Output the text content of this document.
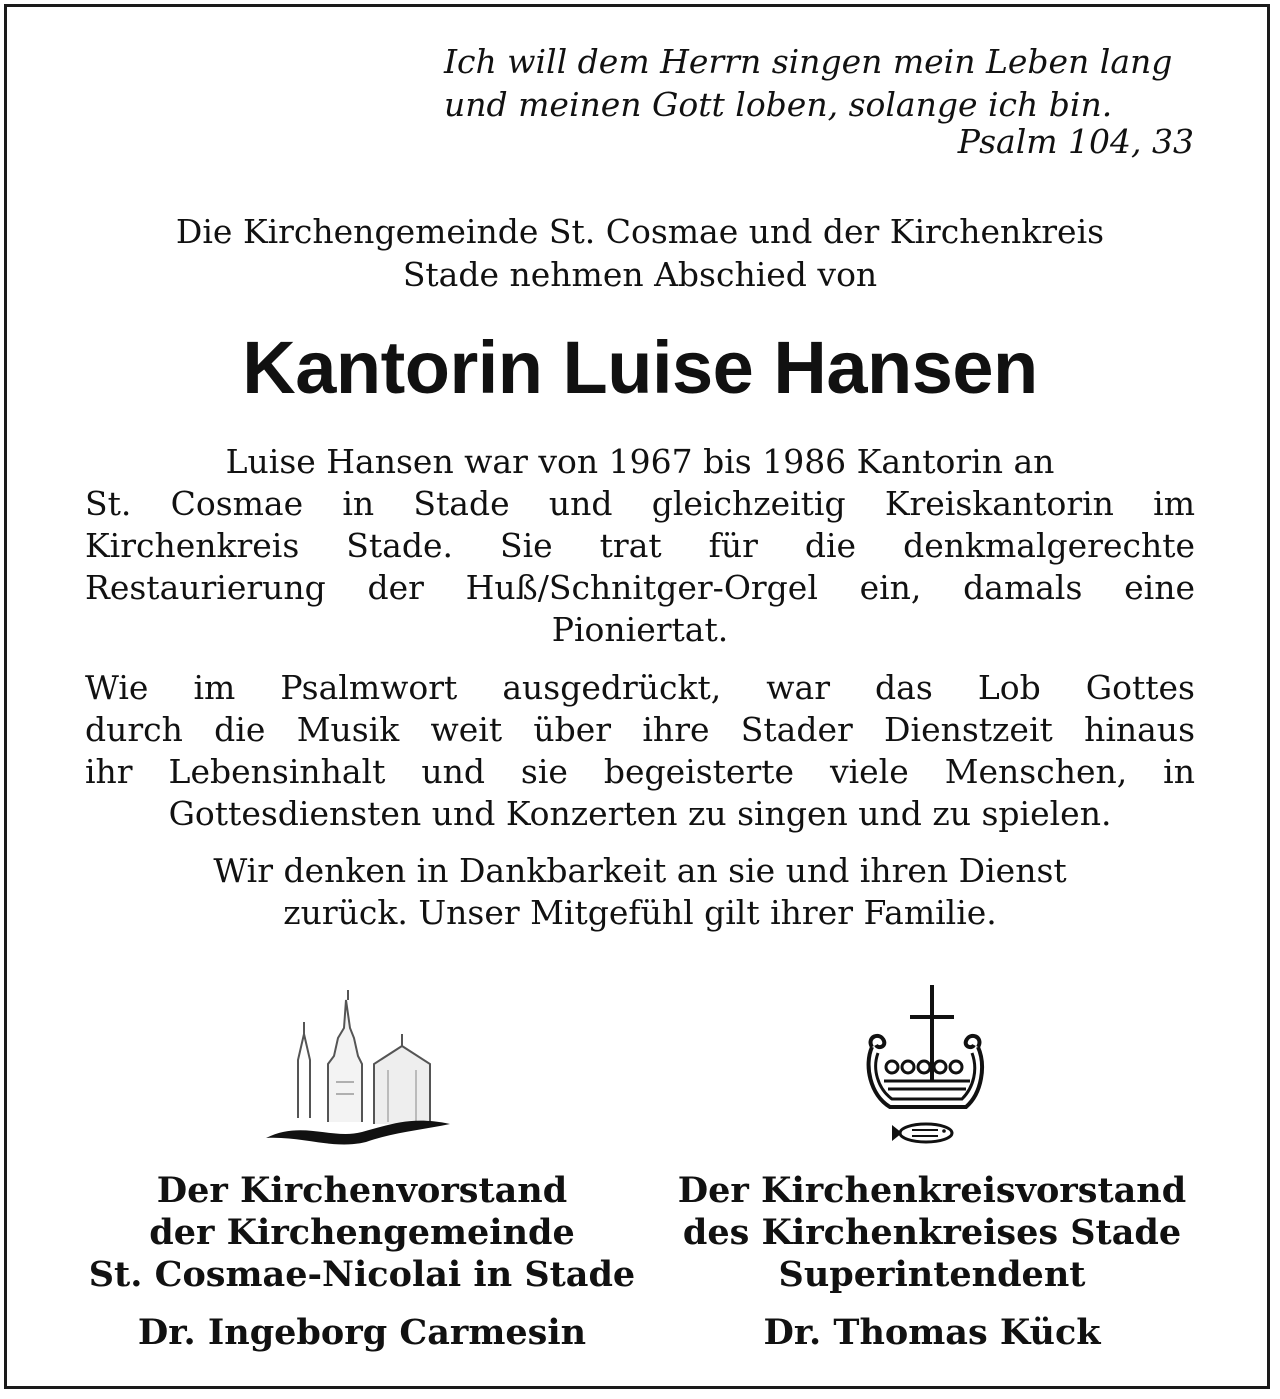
Ich will dem Herrn singen mein Leben lang
und meinen Gott loben, solange ich bin.
Psalm 104, 33
Die Kirchengemeinde St. Cosmae und der Kirchenkreis
Stade nehmen Abschied von
Kantorin Luise Hansen
Luise Hansen war von 1967 bis 1986 Kantorin an
St. Cosmae in Stade und gleichzeitig Kreiskantorin im
Kirchenkreis Stade. Sie trat für die denkmalgerechte
Restaurierung der Huß/Schnitger-Orgel ein, damals eine
Pioniertat.
Wie im Psalmwort ausgedrückt, war das Lob Gottes
durch die Musik weit über ihre Stader Dienstzeit hinaus
ihr Lebensinhalt und sie begeisterte viele Menschen, in
Gottesdiensten und Konzerten zu singen und zu spielen.
Wir denken in Dankbarkeit an sie und ihren Dienst
zurück. Unser Mitgefühl gilt ihrer Familie.
Der Kirchenvorstand
der Kirchengemeinde
St. Cosmae-Nicolai in Stade
Dr. Ingeborg Carmesin
Der Kirchenkreisvorstand
des Kirchenkreises Stade
Superintendent
Dr. Thomas Kück
